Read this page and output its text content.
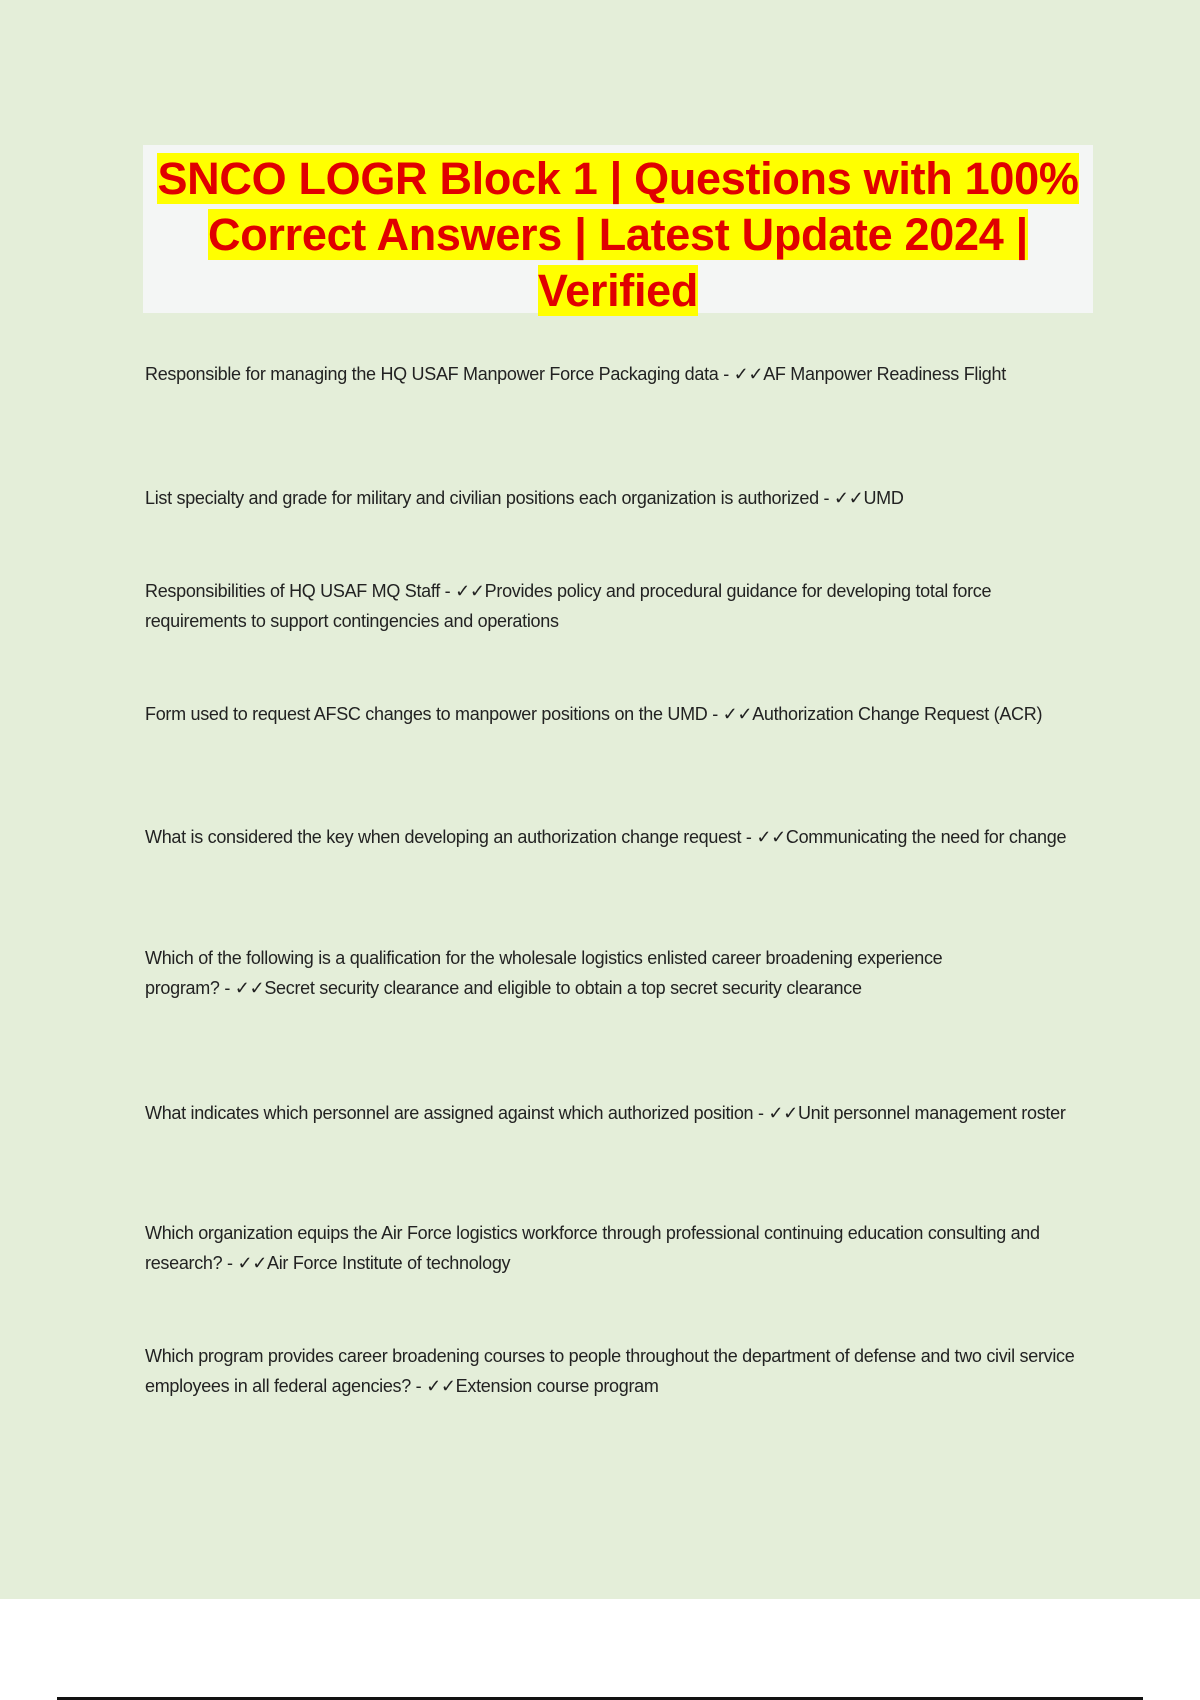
SNCO LOGR Block 1 | Questions with 100% Correct Answers | Latest Update 2024 | Verified
Responsible for managing the HQ USAF Manpower Force Packaging data - ✓✓AF Manpower Readiness Flight
List specialty and grade for military and civilian positions each organization is authorized - ✓✓UMD
Responsibilities of HQ USAF MQ Staff - ✓✓Provides policy and procedural guidance for developing total force requirements to support contingencies and operations
Form used to request AFSC changes to manpower positions on the UMD - ✓✓Authorization Change Request (ACR)
What is considered the key when developing an authorization change request - ✓✓Communicating the need for change
Which of the following is a qualification for the wholesale logistics enlisted career broadening experience program? - ✓✓Secret security clearance and eligible to obtain a top secret security clearance
What indicates which personnel are assigned against which authorized position - ✓✓Unit personnel management roster
Which organization equips the Air Force logistics workforce through professional continuing education consulting and research? - ✓✓Air Force Institute of technology
Which program provides career broadening courses to people throughout the department of defense and two civil service employees in all federal agencies? - ✓✓Extension course program
